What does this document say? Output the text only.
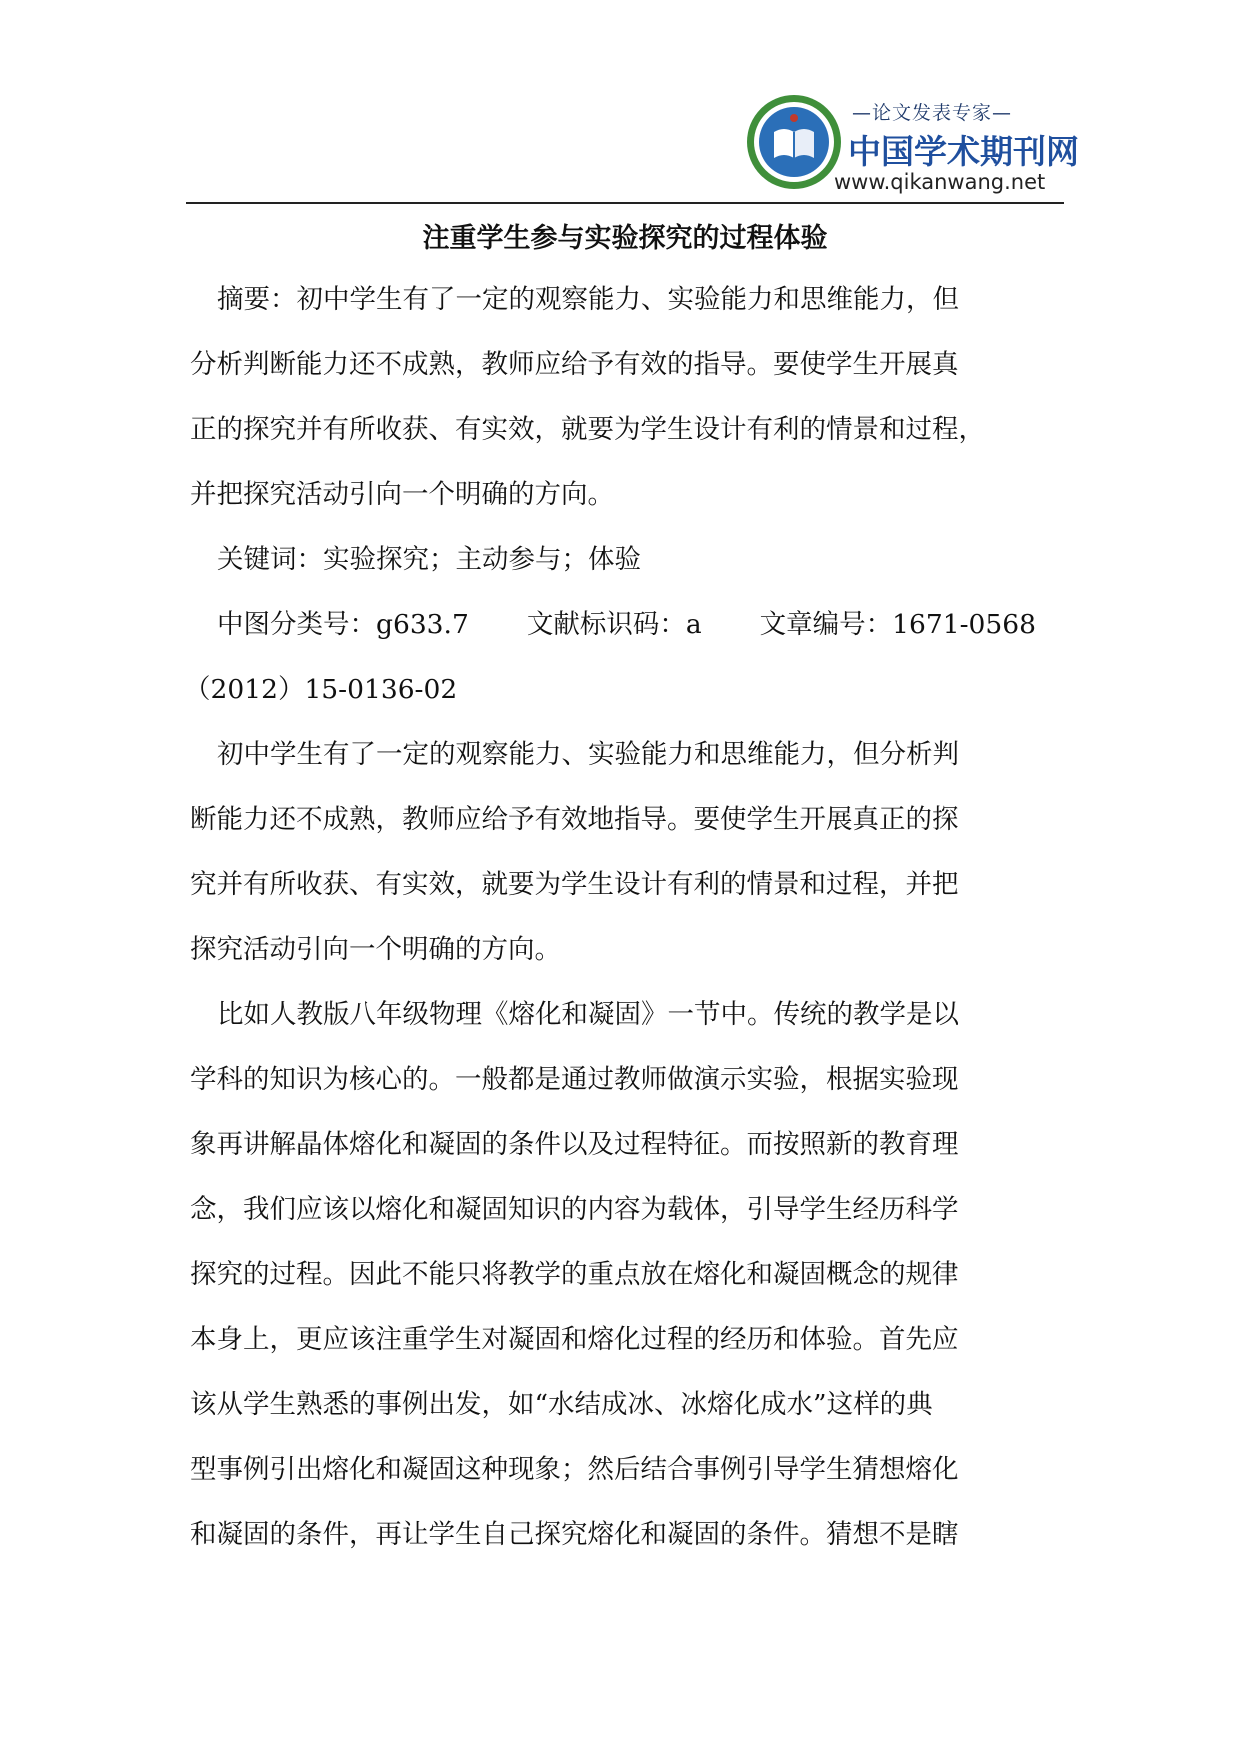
—论文发表专家—
中国学术期刊网
www.qikanwang.net
注重学生参与实验探究的过程体验
摘要：初中学生有了一定的观察能力、实验能力和思维能力，但
分析判断能力还不成熟，教师应给予有效的指导。要使学生开展真
正的探究并有所收获、有实效，就要为学生设计有利的情景和过程，
并把探究活动引向一个明确的方向。
关键词：实验探究；主动参与；体验
中图分类号：g633.7 文献标识码：a 文章编号：1671-0568
（2012）15-0136-02
初中学生有了一定的观察能力、实验能力和思维能力，但分析判
断能力还不成熟，教师应给予有效地指导。要使学生开展真正的探
究并有所收获、有实效，就要为学生设计有利的情景和过程，并把
探究活动引向一个明确的方向。
比如人教版八年级物理《熔化和凝固》一节中。传统的教学是以
学科的知识为核心的。一般都是通过教师做演示实验，根据实验现
象再讲解晶体熔化和凝固的条件以及过程特征。而按照新的教育理
念，我们应该以熔化和凝固知识的内容为载体，引导学生经历科学
探究的过程。因此不能只将教学的重点放在熔化和凝固概念的规律
本身上，更应该注重学生对凝固和熔化过程的经历和体验。首先应
该从学生熟悉的事例出发，如“水结成冰、冰熔化成水”这样的典
型事例引出熔化和凝固这种现象；然后结合事例引导学生猜想熔化
和凝固的条件，再让学生自己探究熔化和凝固的条件。猜想不是瞎
